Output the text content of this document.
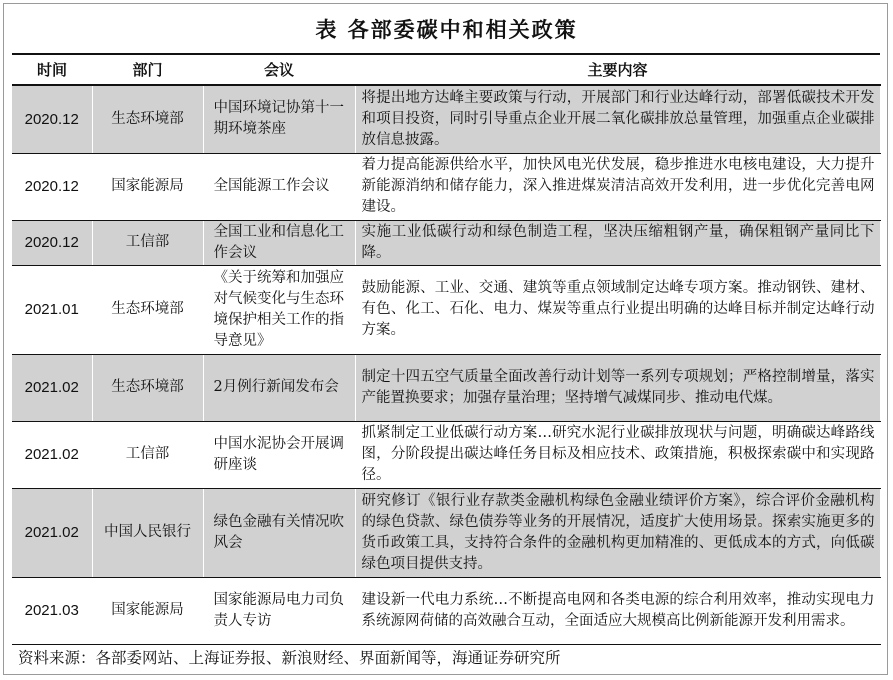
表 各部委碳中和相关政策
时间	部门	会议	主要内容
2020.12	生态环境部	中国环境记协第十一期环境茶座	将提出地方达峰主要政策与行动，开展部门和行业达峰行动，部署低碳技术开发和项目投资，同时引导重点企业开展二氧化碳排放总量管理，加强重点企业碳排放信息披露。
2020.12	国家能源局	全国能源工作会议	着力提高能源供给水平，加快风电光伏发展，稳步推进水电核电建设，大力提升新能源消纳和储存能力，深入推进煤炭清洁高效开发利用，进一步优化完善电网建设。
2020.12	工信部	全国工业和信息化工作会议	实施工业低碳行动和绿色制造工程，坚决压缩粗钢产量，确保粗钢产量同比下降。
2021.01	生态环境部	《关于统筹和加强应对气候变化与生态环境保护相关工作的指导意见》	鼓励能源、工业、交通、建筑等重点领域制定达峰专项方案。推动钢铁、建材、有色、化工、石化、电力、煤炭等重点行业提出明确的达峰目标并制定达峰行动方案。
2021.02	生态环境部	2月例行新闻发布会	制定十四五空气质量全面改善行动计划等一系列专项规划；严格控制增量，落实产能置换要求；加强存量治理；坚持增气减煤同步、推动电代煤。
2021.02	工信部	中国水泥协会开展调研座谈	抓紧制定工业低碳行动方案…研究水泥行业碳排放现状与问题，明确碳达峰路线图，分阶段提出碳达峰任务目标及相应技术、政策措施，积极探索碳中和实现路径。
2021.02	中国人民银行	绿色金融有关情况吹风会	研究修订《银行业存款类金融机构绿色金融业绩评价方案》，综合评价金融机构的绿色贷款、绿色债券等业务的开展情况，适度扩大使用场景。探索实施更多的货币政策工具，支持符合条件的金融机构更加精准的、更低成本的方式，向低碳绿色项目提供支持。
2021.03	国家能源局	国家能源局电力司负责人专访	建设新一代电力系统…不断提高电网和各类电源的综合利用效率，推动实现电力系统源网荷储的高效融合互动，全面适应大规模高比例新能源开发利用需求。
资料来源：各部委网站、上海证券报、新浪财经、界面新闻等，海通证券研究所
